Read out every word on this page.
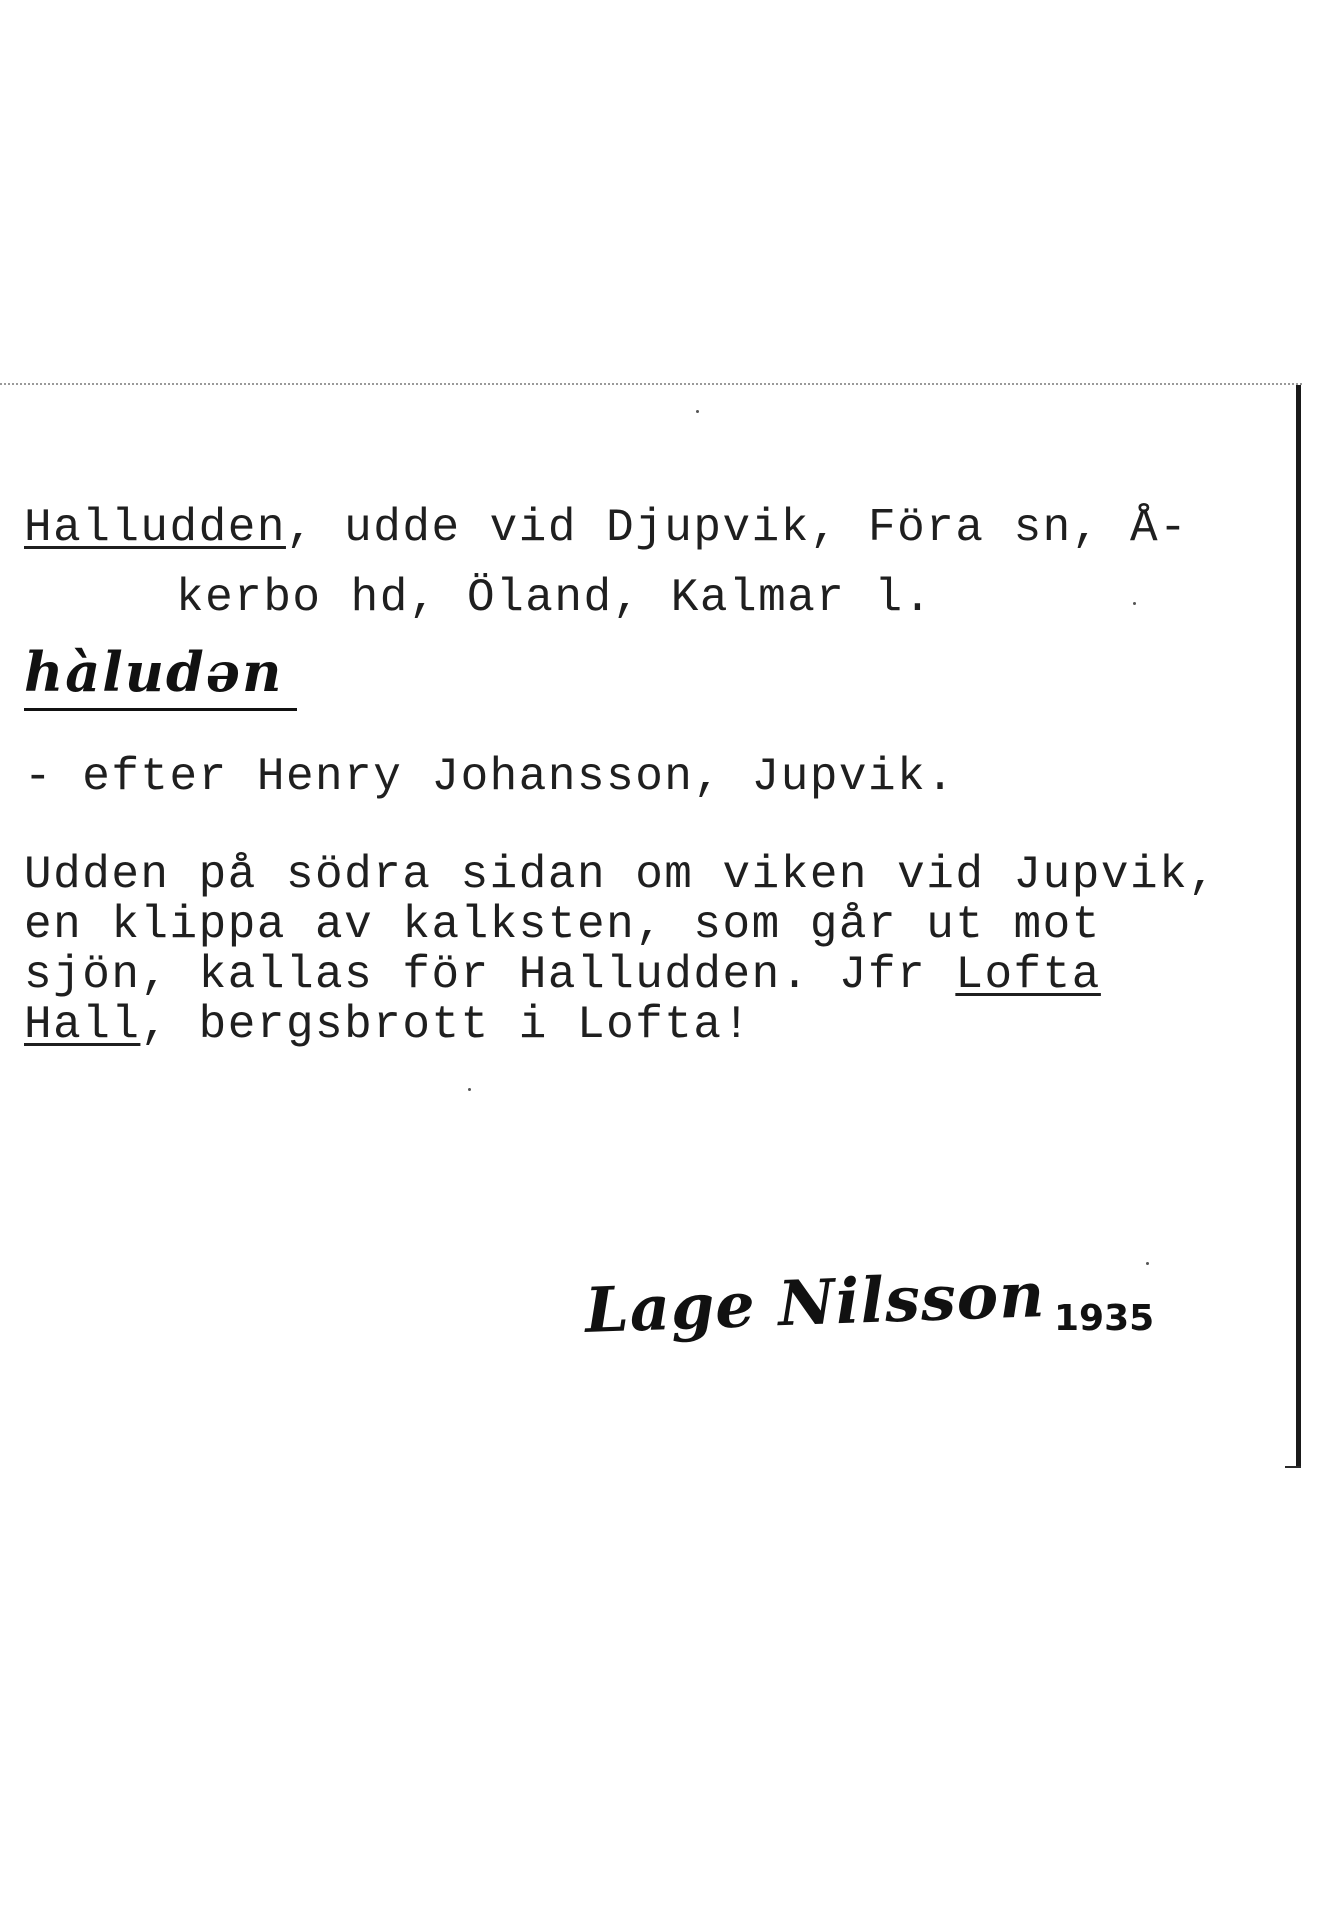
Halludden, udde vid Djupvik, Föra sn, Å-
kerbo hd, Öland, Kalmar l.
hàludən
- efter Henry Johansson, Jupvik.
Udden på södra sidan om viken vid Jupvik,
en klippa av kalksten, som går ut mot
sjön, kallas för Halludden. Jfr Lofta
Hall, bergsbrott i Lofta!
Lage Nilsson 1935
